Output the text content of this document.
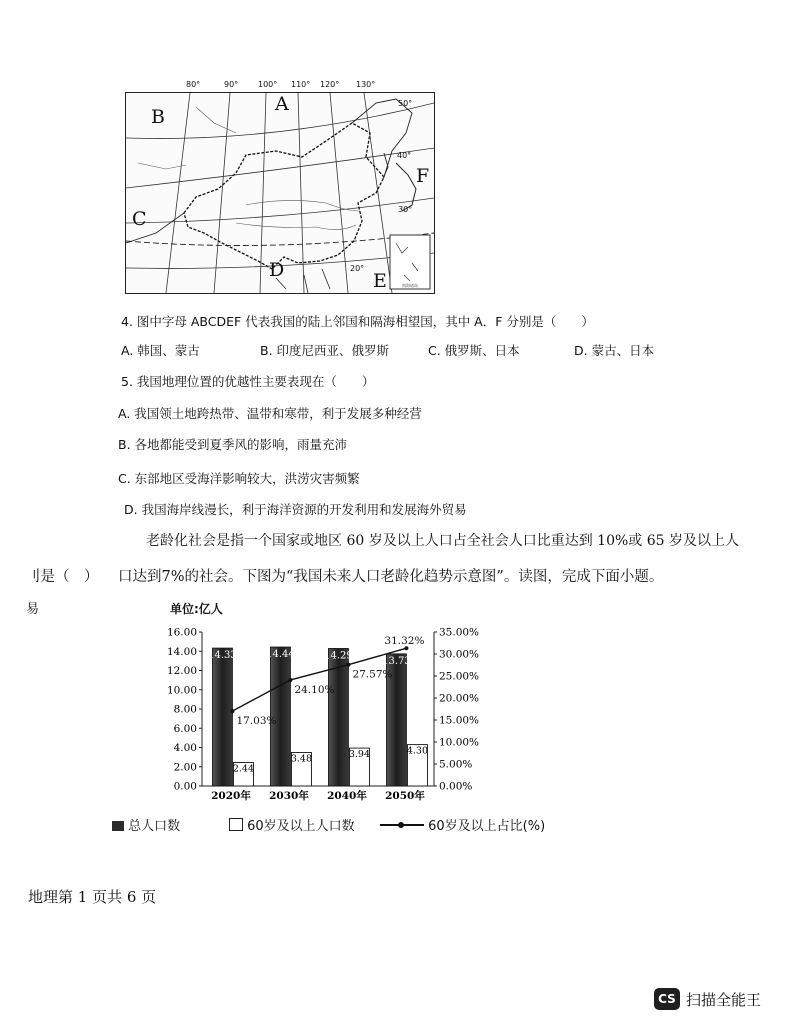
80°	90° 100° 110° 120° 130°
南海诸岛
A
B
C
D	E
F
50°
40°
30°
20°
4. 图中字母 ABCDEF 代表我国的陆上邻国和隔海相望国，其中 A．F 分别是（　　）
A. 韩国、蒙古	B. 印度尼西亚、俄罗斯	C. 俄罗斯、日本	D. 蒙古、日本
5. 我国地理位置的优越性主要表现在（　　）
A. 我国领土地跨热带、温带和寒带，利于发展多种经营
B. 各地都能受到夏季风的影响，雨量充沛
C. 东部地区受海洋影响较大，洪涝灾害频繁
D. 我国海岸线漫长，利于海洋资源的开发利用和发展海外贸易
老龄化社会是指一个国家或地区 60 岁及以上人口占全社会人口比重达到 10%或 65 岁及以上人
刂是（　） 口达到7%的社会。下图为“我国未来人口老龄化趋势示意图”。读图，完成下面小题。
易	单位:亿人
0.00
2.00
4.00
6.00
8.00
10.00
12.00
14.00
16.00
0.00%
5.00%
10.00%
15.00%
20.00%
25.00%
30.00%
35.00%
14.33
2.44
2020年
14.44
3.48
2030年
14.29
3.94
2040年
13.73
4.30
2050年
17.03%
24.10%
27.57%
31.32%
总人口数	60岁及以上人口数	60岁及以上占比(%)
地理第 1 页共 6 页
CS 扫描全能王
